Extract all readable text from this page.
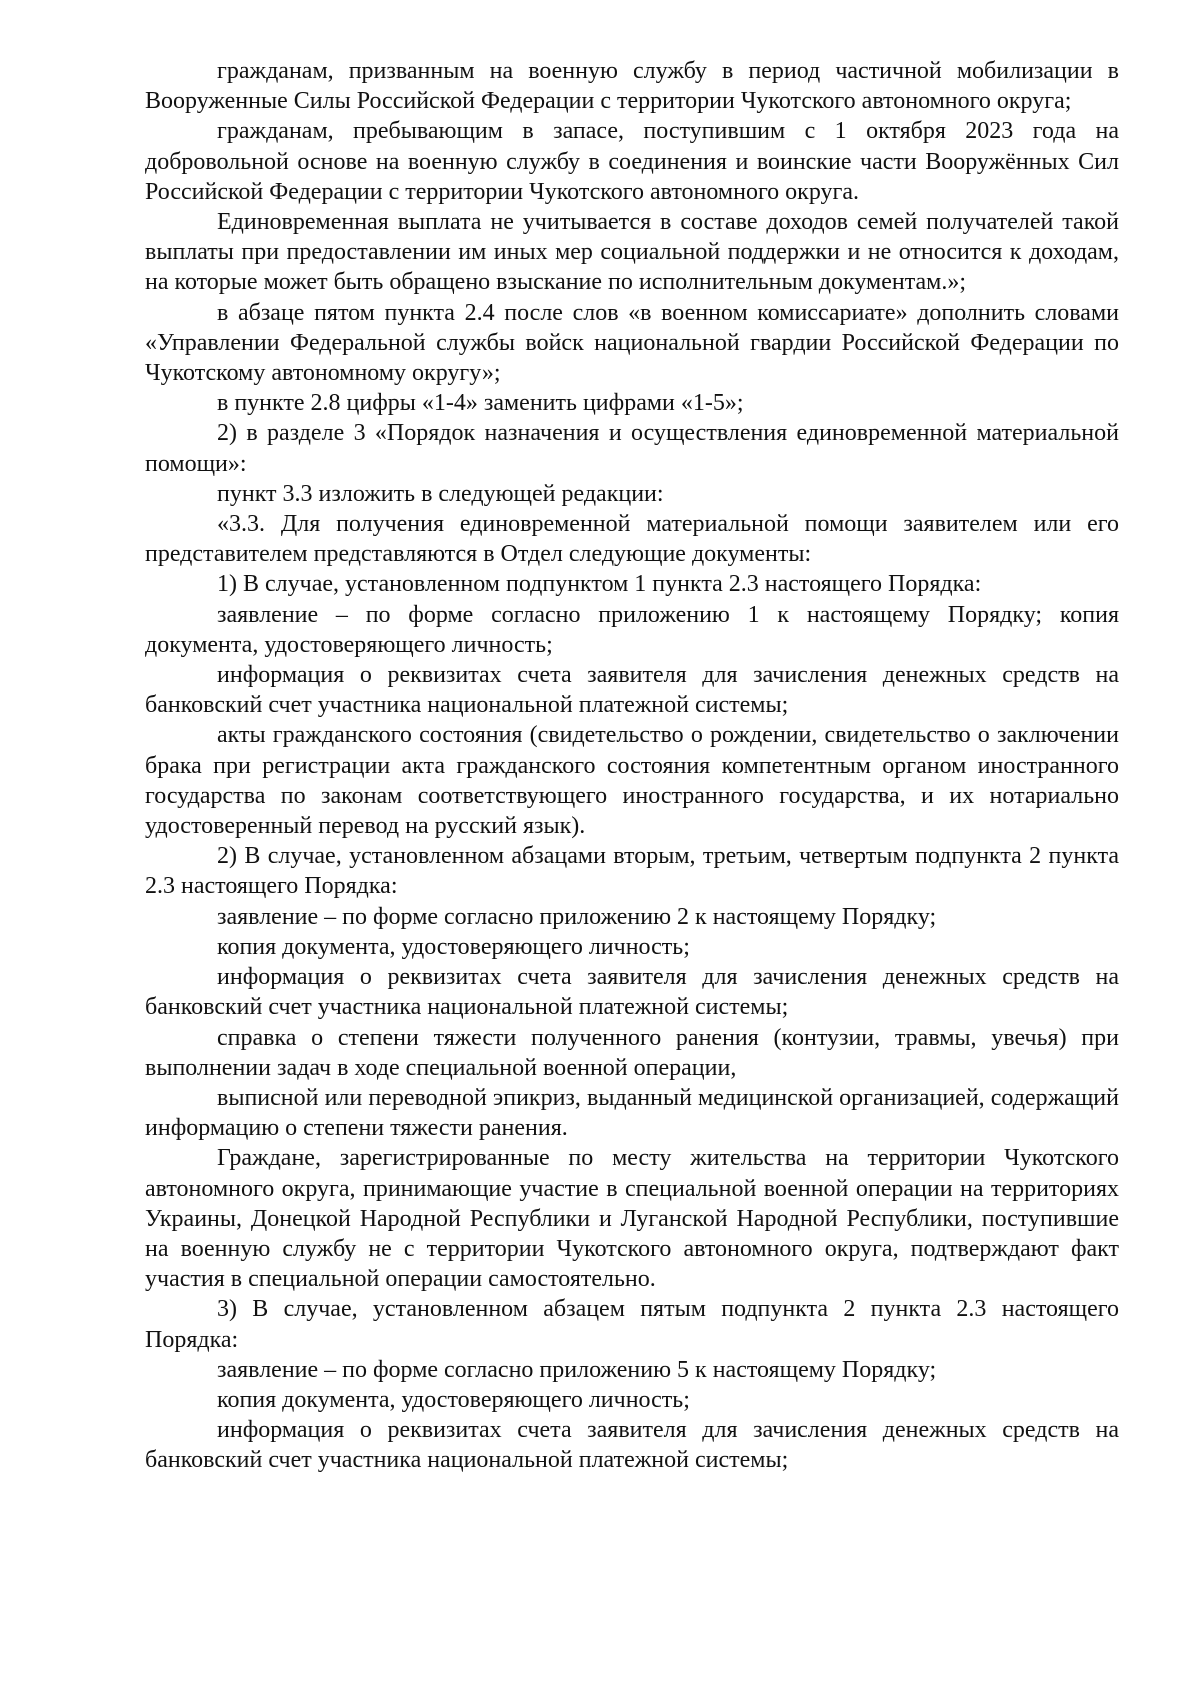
гражданам, призванным на военную службу в период частичной мобилизации в Вооруженные Силы Российской Федерации с территории Чукотского автономного округа;

гражданам, пребывающим в запасе, поступившим с 1 октября 2023 года на добровольной основе на военную службу в соединения и воинские части Вооружённых Сил Российской Федерации с территории Чукотского автономного округа.

Единовременная выплата не учитывается в составе доходов семей получателей такой выплаты при предоставлении им иных мер социальной поддержки и не относится к доходам, на которые может быть обращено взыскание по исполнительным документам.»;

в абзаце пятом пункта 2.4 после слов «в военном комиссариате» дополнить словами «Управлении Федеральной службы войск национальной гвардии Российской Федерации по Чукотскому автономному округу»;

в пункте 2.8 цифры «1-4» заменить цифрами «1-5»;

2) в разделе 3 «Порядок назначения и осуществления единовременной материальной помощи»:

пункт 3.3 изложить в следующей редакции:

«3.3. Для получения единовременной материальной помощи заявителем или его представителем представляются в Отдел следующие документы:

1) В случае, установленном подпунктом 1 пункта 2.3 настоящего Порядка:

заявление – по форме согласно приложению 1 к настоящему Порядку; копия документа, удостоверяющего личность;

информация о реквизитах счета заявителя для зачисления денежных средств на банковский счет участника национальной платежной системы;

акты гражданского состояния (свидетельство о рождении, свидетельство о заключении брака при регистрации акта гражданского состояния компетентным органом иностранного государства по законам соответствующего иностранного государства, и их нотариально удостоверенный перевод на русский язык).

2) В случае, установленном абзацами вторым, третьим, четвертым подпункта 2 пункта 2.3 настоящего Порядка:

заявление – по форме согласно приложению 2 к настоящему Порядку;

копия документа, удостоверяющего личность;

информация о реквизитах счета заявителя для зачисления денежных средств на банковский счет участника национальной платежной системы;

справка о степени тяжести полученного ранения (контузии, травмы, увечья) при выполнении задач в ходе специальной военной операции,

выписной или переводной эпикриз, выданный медицинской организацией, содержащий информацию о степени тяжести ранения.

Граждане, зарегистрированные по месту жительства на территории Чукотского автономного округа, принимающие участие в специальной военной операции на территориях Украины, Донецкой Народной Республики и Луганской Народной Республики, поступившие на военную службу не с территории Чукотского автономного округа, подтверждают факт участия в специальной операции самостоятельно.

3) В случае, установленном абзацем пятым подпункта 2 пункта 2.3 настоящего Порядка:

заявление – по форме согласно приложению 5 к настоящему Порядку;

копия документа, удостоверяющего личность;

информация о реквизитах счета заявителя для зачисления денежных средств на банковский счет участника национальной платежной системы;
